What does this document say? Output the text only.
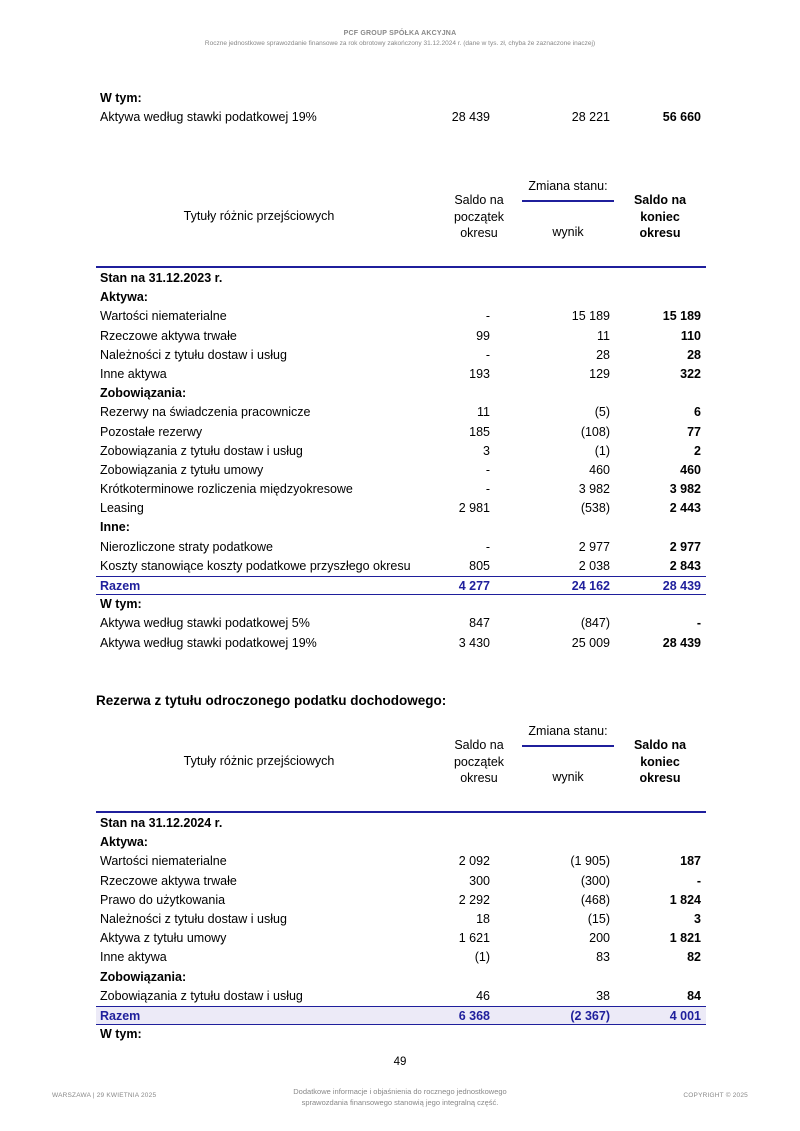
PCF GROUP SPÓŁKA AKCYJNA
Roczne jednostkowe sprawozdanie finansowe za rok obrotowy zakończony 31.12.2024 r. (dane w tys. zł, chyba że zaznaczone inaczej)
W tym:
Aktywa według stawki podatkowej 19%	28 439	28 221	56 660
Tytuły różnic przejściowych
Saldo na
początek
okresu
Zmiana stanu:
wynik
Saldo na
koniec
okresu
Stan na 31.12.2023 r.
Aktywa:
Wartości niematerialne	-	15 189	15 189
Rzeczowe aktywa trwałe	99	11	110
Należności z tytułu dostaw i usług	-	28	28
Inne aktywa	193	129	322
Zobowiązania:
Rezerwy na świadczenia pracownicze	11	(5)	6
Pozostałe rezerwy	185	(108)	77
Zobowiązania z tytułu dostaw i usług	3	(1)	2
Zobowiązania z tytułu umowy	-	460	460
Krótkoterminowe rozliczenia międzyokresowe	-	3 982	3 982
Leasing	2 981	(538)	2 443
Inne:
Nierozliczone straty podatkowe	-	2 977	2 977
Koszty stanowiące koszty podatkowe przyszłego okresu	805	2 038	2 843
Razem	4 277	24 162	28 439
W tym:
Aktywa według stawki podatkowej 5%	847	(847)	-
Aktywa według stawki podatkowej 19%	3 430	25 009	28 439
Rezerwa z tytułu odroczonego podatku dochodowego:
Tytuły różnic przejściowych
Saldo na
początek
okresu
Zmiana stanu:
wynik
Saldo na
koniec
okresu
Stan na 31.12.2024 r.
Aktywa:
Wartości niematerialne	2 092	(1 905)	187
Rzeczowe aktywa trwałe	300	(300)	-
Prawo do użytkowania	2 292	(468)	1 824
Należności z tytułu dostaw i usług	18	(15)	3
Aktywa z tytułu umowy	1 621	200	1 821
Inne aktywa	(1)	83	82
Zobowiązania:
Zobowiązania z tytułu dostaw i usług	46	38	84
Razem	6 368	(2 367)	4 001
W tym:
49
WARSZAWA | 29 KWIETNIA 2025	Dodatkowe informacje i objaśnienia do rocznego jednostkowego
sprawozdania finansowego stanowią jego integralną część.
COPYRIGHT © 2025
